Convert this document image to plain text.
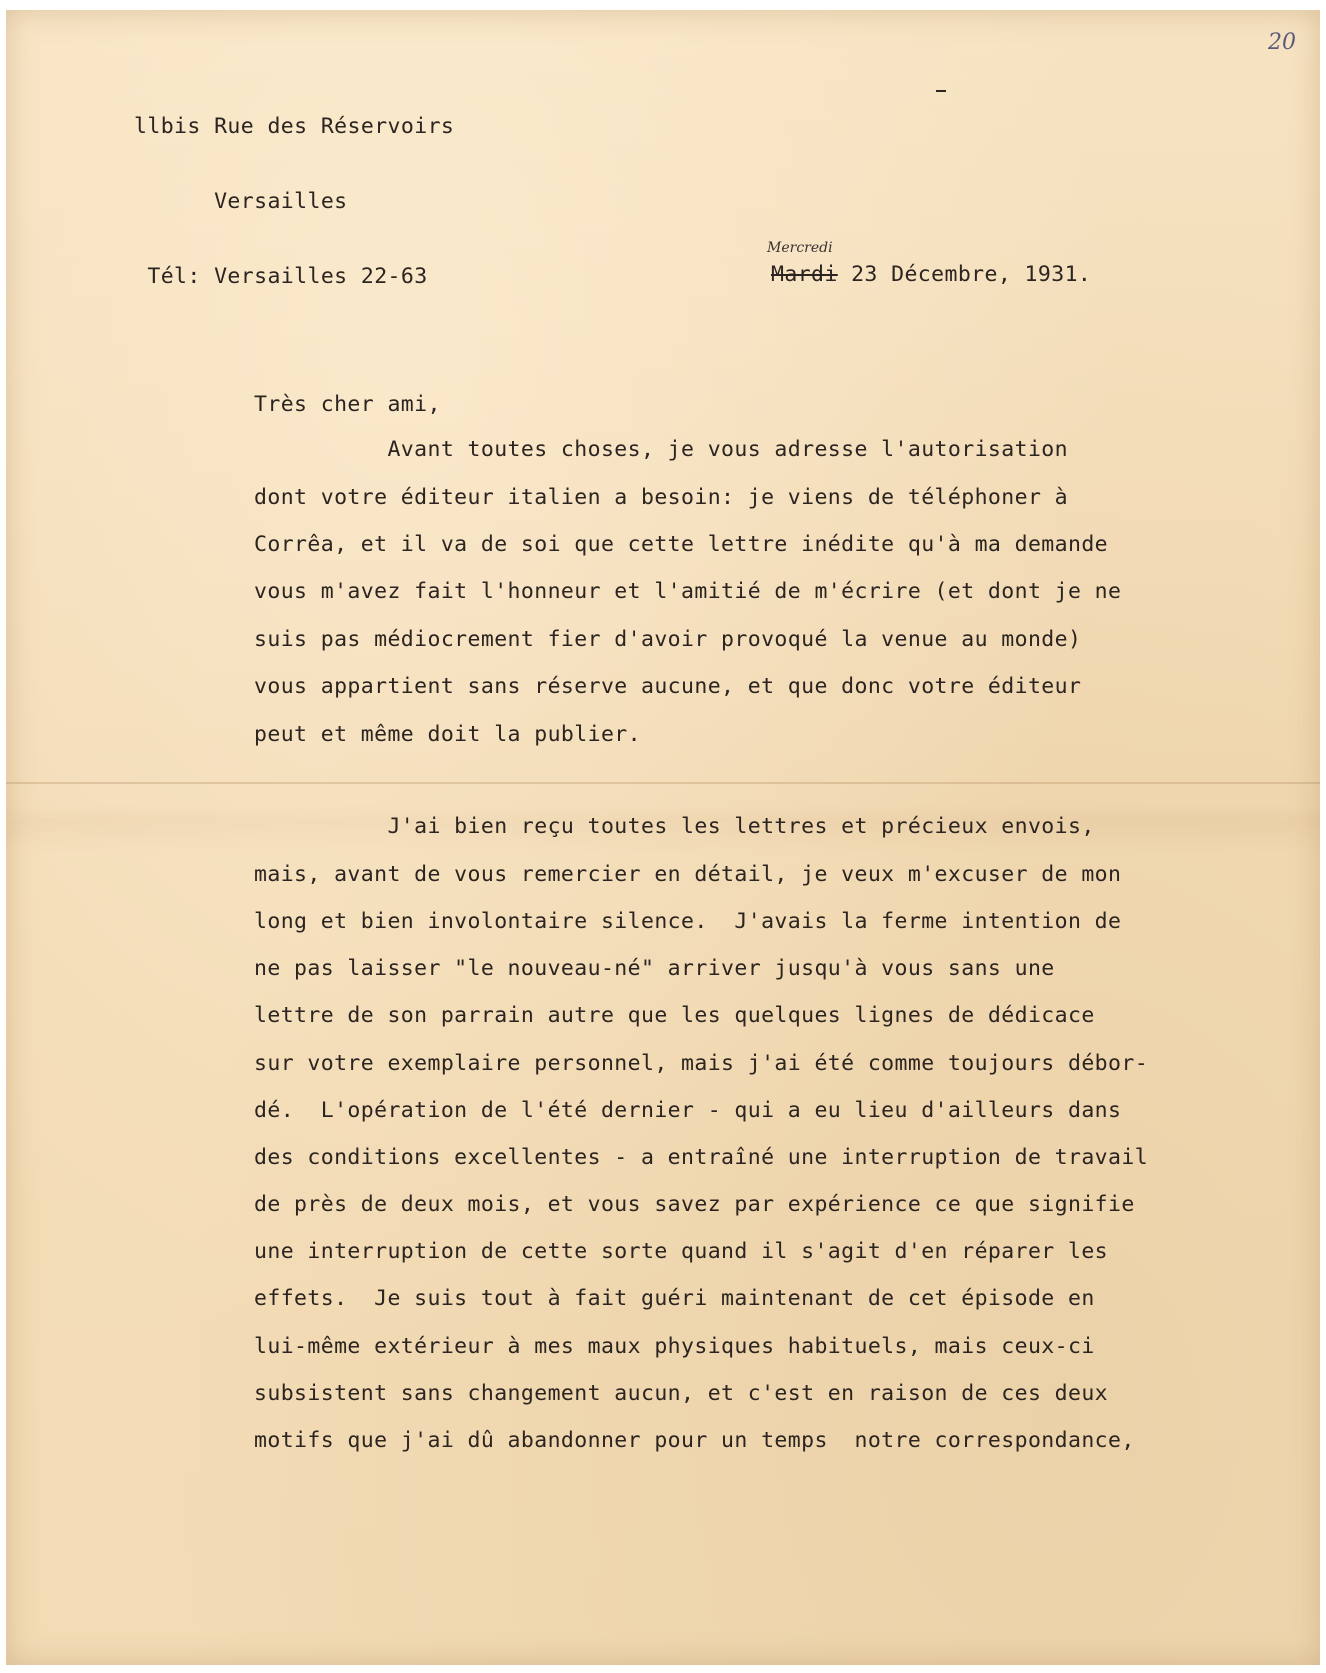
20

llbis Rue des Réservoirs

Versailles

Tél: Versailles 22-63

Mercredi
Mardi 23 Décembre, 1931.

Très cher ami,

Avant toutes choses, je vous adresse l'autorisation

dont votre éditeur italien a besoin: je viens de téléphoner à

Corrêa, et il va de soi que cette lettre inédite qu'à ma demande

vous m'avez fait l'honneur et l'amitié de m'écrire (et dont je ne

suis pas médiocrement fier d'avoir provoqué la venue au monde)

vous appartient sans réserve aucune, et que donc votre éditeur

peut et même doit la publier.

J'ai bien reçu toutes les lettres et précieux envois,

mais, avant de vous remercier en détail, je veux m'excuser de mon

long et bien involontaire silence.  J'avais la ferme intention de

ne pas laisser "le nouveau-né" arriver jusqu'à vous sans une

lettre de son parrain autre que les quelques lignes de dédicace

sur votre exemplaire personnel, mais j'ai été comme toujours débor-

dé.  L'opération de l'été dernier - qui a eu lieu d'ailleurs dans

des conditions excellentes - a entraîné une interruption de travail

de près de deux mois, et vous savez par expérience ce que signifie

une interruption de cette sorte quand il s'agit d'en réparer les

effets.  Je suis tout à fait guéri maintenant de cet épisode en

lui-même extérieur à mes maux physiques habituels, mais ceux-ci

subsistent sans changement aucun, et c'est en raison de ces deux

motifs que j'ai dû abandonner pour un temps  notre correspondance,
